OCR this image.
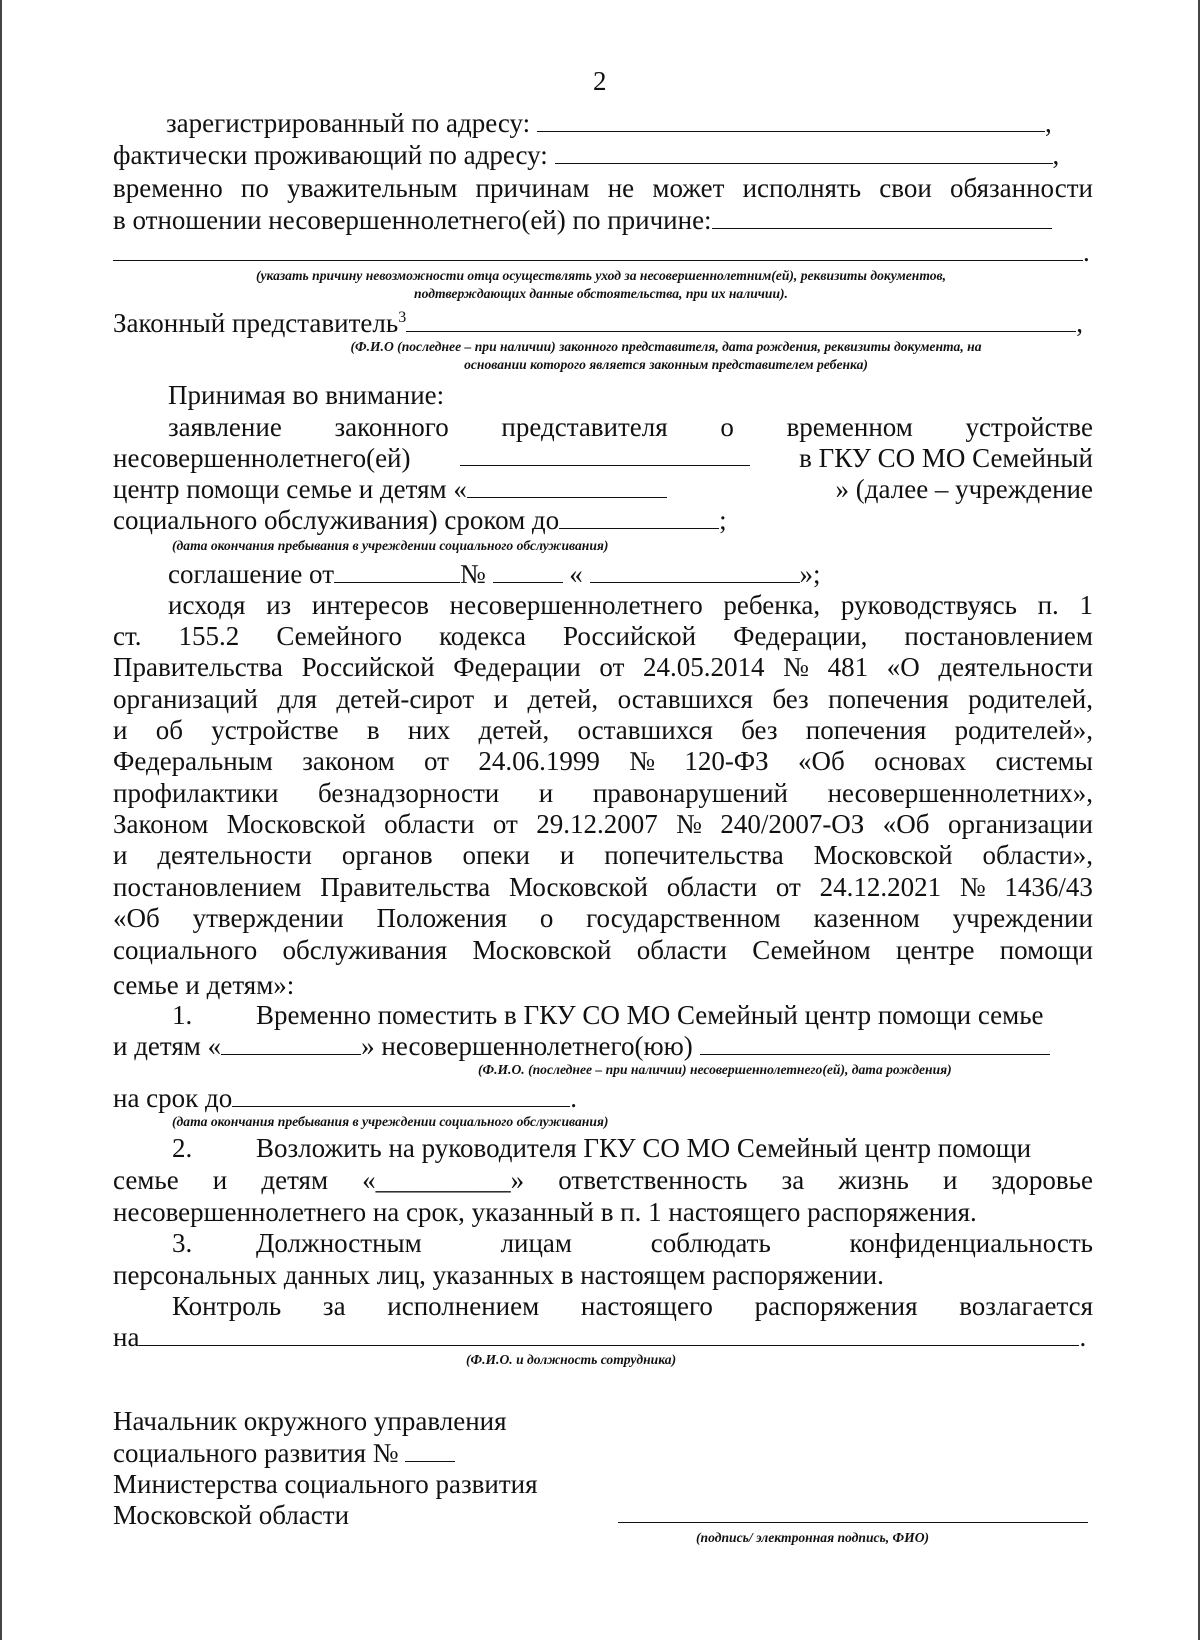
2
зарегистрированный по адресу:	,
фактически проживающий по адресу:	,
временно по уважительным причинам не может исполнять свои обязанности
в отношении несовершеннолетнего(ей) по причине:
.
(указать причину невозможности отца осуществлять уход за несовершеннолетним(ей), реквизиты документов,
подтверждающих данные обстоятельства, при их наличии).
Законный представитель$^3$	,
(Ф.И.О (последнее – при наличии) законного представителя, дата рождения, реквизиты документа, на
основании которого является законным представителем ребенка)
Принимая во внимание:
заявление законного представителя о временном устройстве
несовершеннолетнего(ей)	в ГКУ СО МО Семейный
центр помощи семье и детям «	» (далее – учреждение
социального обслуживания) сроком до	;
(дата окончания пребывания в учреждении социального обслуживания)
соглашение от	№	«	»;
исходя из интересов несовершеннолетнего ребенка, руководствуясь п. 1
ст. 155.2 Семейного кодекса Российской Федерации, постановлением
Правительства Российской Федерации от 24.05.2014 № 481 «О деятельности
организаций для детей-сирот и детей, оставшихся без попечения родителей,
и об устройстве в них детей, оставшихся без попечения родителей»,
Федеральным законом от 24.06.1999 № 120-ФЗ «Об основах системы
профилактики безнадзорности и правонарушений несовершеннолетних»,
Законом Московской области от 29.12.2007 № 240/2007-ОЗ «Об организации
и деятельности органов опеки и попечительства Московской области»,
постановлением Правительства Московской области от 24.12.2021 № 1436/43
«Об утверждении Положения о государственном казенном учреждении
социального обслуживания Московской области Семейном центре помощи
семье и детям»:
1. Временно поместить в ГКУ СО МО Семейный центр помощи семье
и детям «	» несовершеннолетнего(юю)
(Ф.И.О. (последнее – при наличии) несовершеннолетнего(ей), дата рождения)
на срок до	.
(дата окончания пребывания в учреждении социального обслуживания)
2. Возложить на руководителя ГКУ СО МО Семейный центр помощи
семье и детям «__________» ответственность за жизнь и здоровье
несовершеннолетнего на срок, указанный в п. 1 настоящего распоряжения.
3. Должностным	лицам	соблюдать	конфиденциальность
персональных данных лиц, указанных в настоящем распоряжении.
Контроль за исполнением настоящего распоряжения возлагается
на	.
(Ф.И.О. и должность сотрудника)
Начальник окружного управления
социального развития №
Министерства социального развития
Московской области
(подпись/ электронная подпись, ФИО)
